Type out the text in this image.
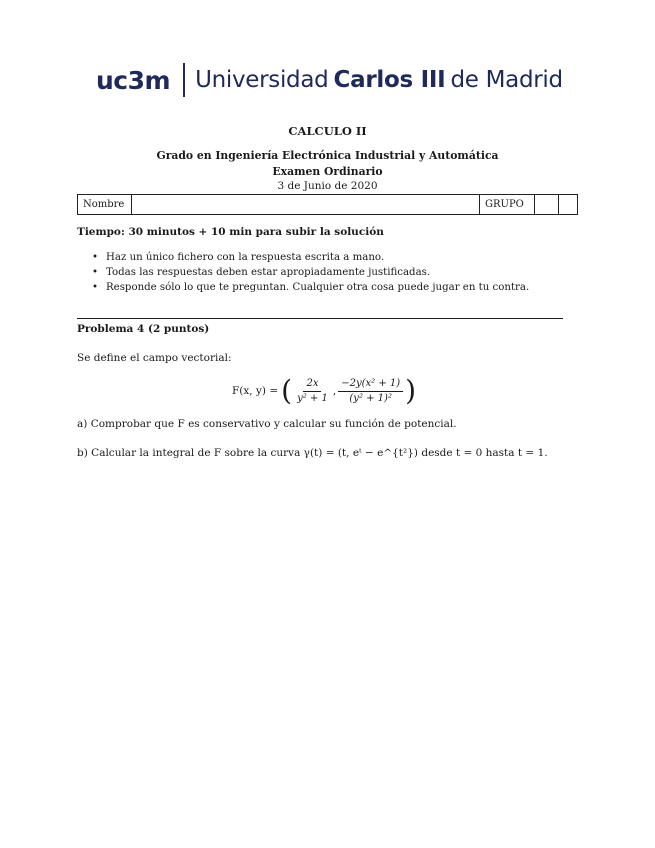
uc3m Universidad
Carlos III
de Madrid
CALCULO II
Grado en Ingeniería Electrónica Industrial y Automática
Examen Ordinario
3 de Junio de 2020
Nombre	GRUPO
Tiempo: 30 minutos + 10 min para subir la solución
• Haz un único fichero con la respuesta escrita a mano.
• Todas las respuestas deben estar apropiadamente justificadas.
• Responde sólo lo que te preguntan. Cualquier otra cosa puede jugar en tu contra.
Problema 4 (2 puntos)
Se define el campo vectorial:
F(x, y) = ( $\frac{2x}{\text{y² + 1}}$ , $\frac{\text{−2y(x² + 1)}}{\text{(y² + 1)²}}$ )
a) Comprobar que F es conservativo y calcular su función de potencial.
b) Calcular la integral de F sobre la curva γ(t) = (t, eᵗ − e^{t²}) desde t = 0 hasta t = 1.
